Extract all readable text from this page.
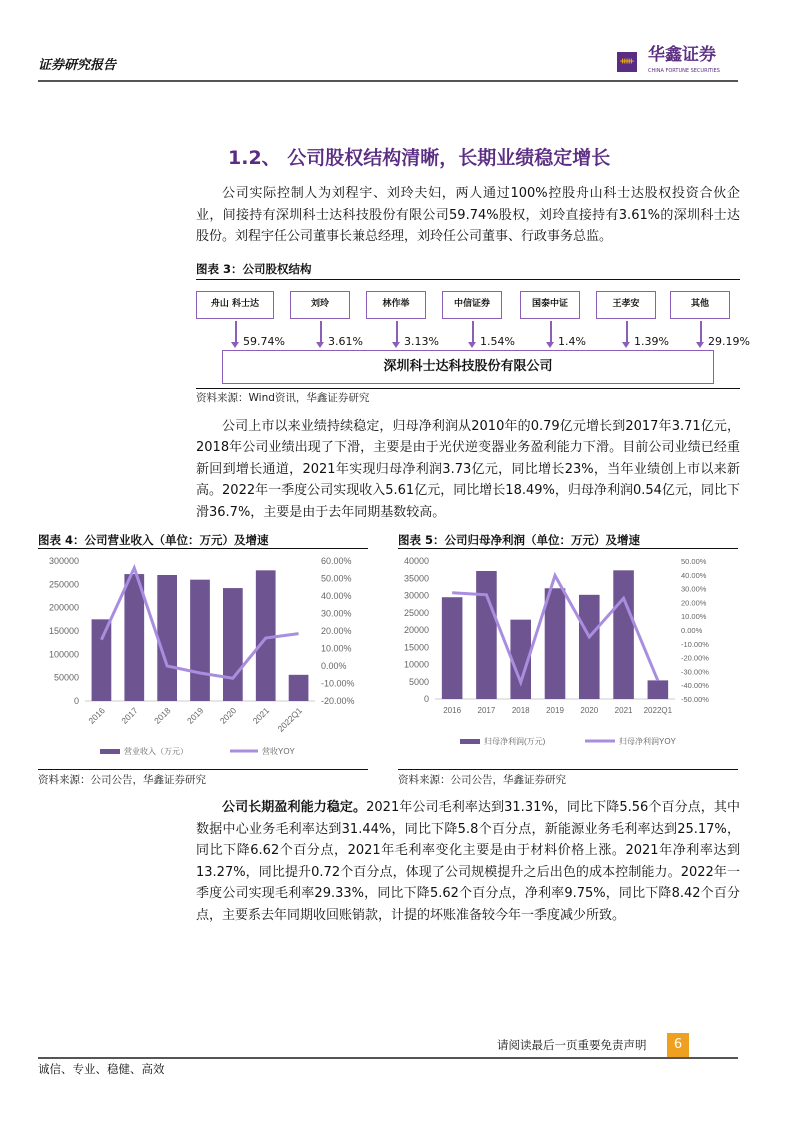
证券研究报告	ᚔ 华鑫证券
CHINA FORTUNE SECURITIES
1.2、 公司股权结构清晰，长期业绩稳定增长
公司实际控制人为刘程宇、刘玲夫妇，两人通过100%控股舟山科士达股权投资合伙企业，间接持有深圳科士达科技股份有限公司59.74%股权，刘玲直接持有3.61%的深圳科士达股份。刘程宇任公司董事长兼总经理，刘玲任公司董事、行政事务总监。
图表 3：公司股权结构
舟山 科士达
59.74%
刘玲
3.61%
林作举
3.13%
中信证券
1.54%
国泰中证
1.4%
王孝安
1.39%
其他
29.19%
深圳科士达科技股份有限公司
资料来源：Wind资讯，华鑫证券研究
公司上市以来业绩持续稳定，归母净利润从2010年的0.79亿元增长到2017年3.71亿元，2018年公司业绩出现了下滑，主要是由于光伏逆变器业务盈利能力下滑。目前公司业绩已经重新回到增长通道，2021年实现归母净利润3.73亿元，同比增长23%，当年业绩创上市以来新高。2022年一季度公司实现收入5.61亿元，同比增长18.49%，归母净利润0.54亿元，同比下滑36.7%，主要是由于去年同期基数较高。
图表 4：公司营业收入（单位：万元）及增速
0
50000
100000
150000
200000
250000
300000
-20.00%
-10.00%
0.00%
10.00%
20.00%
30.00%
40.00%
50.00%
60.00%
2016 2017 2018 2019 2020 2021 2022Q1
营业收入（万元）	营收YOY
资料来源：公司公告，华鑫证券研究
图表 5：公司归母净利润（单位：万元）及增速
0
5000
10000
15000
20000
25000
30000
35000
40000
-50.00%
-40.00%
-30.00%
-20.00%
-10.00%
0.00%
10.00%
20.00%
30.00%
40.00%
50.00%
2016 2017 2018 2019 2020 2021 2022Q1
归母净利润(万元)	归母净利润YOY
资料来源：公司公告，华鑫证券研究
公司长期盈利能力稳定。2021年公司毛利率达到31.31%，同比下降5.56个百分点，其中数据中心业务毛利率达到31.44%，同比下降5.8个百分点，新能源业务毛利率达到25.17%，同比下降6.62个百分点，2021年毛利率变化主要是由于材料价格上涨。2021年净利率达到13.27%，同比提升0.72个百分点，体现了公司规模提升之后出色的成本控制能力。2022年一季度公司实现毛利率29.33%，同比下降5.62个百分点，净利率9.75%，同比下降8.42个百分点，主要系去年同期收回账销款，计提的坏账准备较今年一季度减少所致。
请阅读最后一页重要免责声明	6
诚信、专业、稳健、高效
